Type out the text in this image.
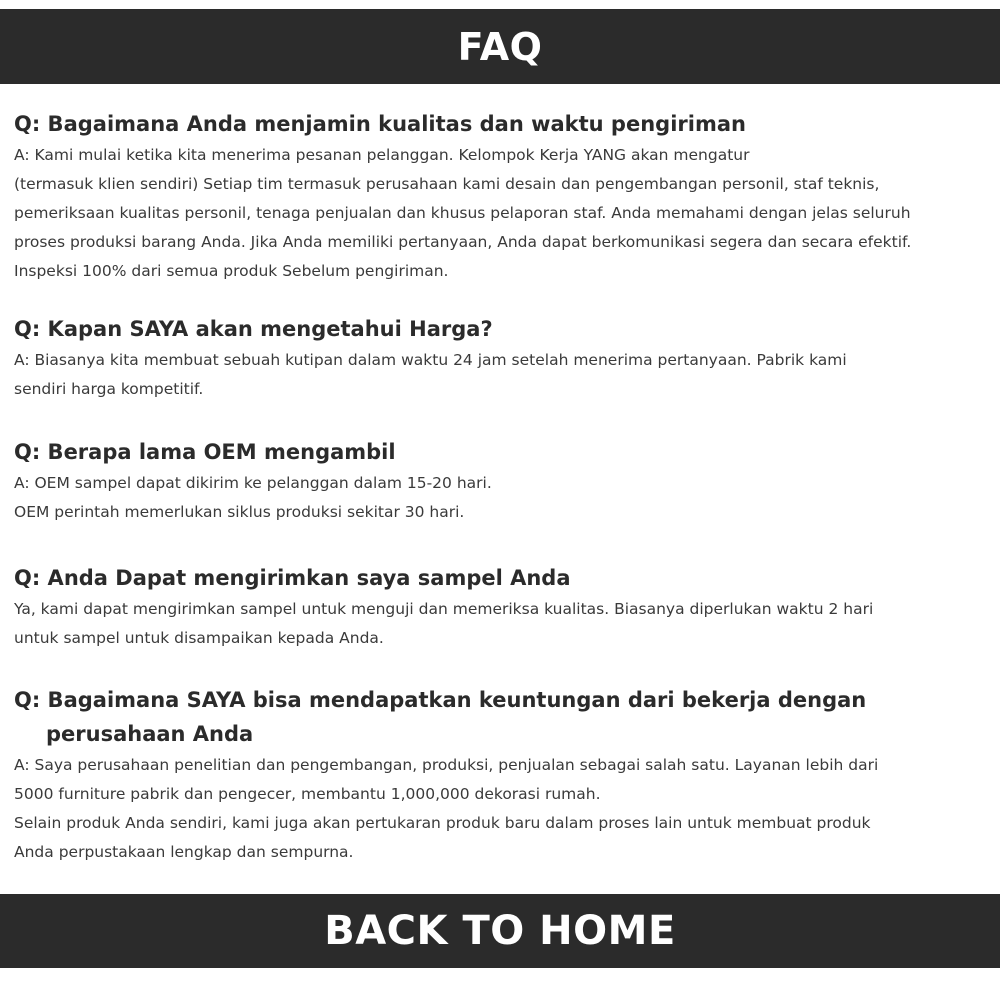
FAQ
Q: Bagaimana Anda menjamin kualitas dan waktu pengiriman

A: Kami mulai ketika kita menerima pesanan pelanggan. Kelompok Kerja YANG akan mengatur
(termasuk klien sendiri) Setiap tim termasuk perusahaan kami desain dan pengembangan personil, staf teknis,
pemeriksaan kualitas personil, tenaga penjualan dan khusus pelaporan staf. Anda memahami dengan jelas seluruh
proses produksi barang Anda. Jika Anda memiliki pertanyaan, Anda dapat berkomunikasi segera dan secara efektif.
Inspeksi 100% dari semua produk Sebelum pengiriman.

Q: Kapan SAYA akan mengetahui Harga?

A: Biasanya kita membuat sebuah kutipan dalam waktu 24 jam setelah menerima pertanyaan. Pabrik kami
sendiri harga kompetitif.

Q: Berapa lama OEM mengambil

A: OEM sampel dapat dikirim ke pelanggan dalam 15-20 hari.
OEM perintah memerlukan siklus produksi sekitar 30 hari.

Q: Anda Dapat mengirimkan saya sampel Anda

Ya, kami dapat mengirimkan sampel untuk menguji dan memeriksa kualitas. Biasanya diperlukan waktu 2 hari
untuk sampel untuk disampaikan kepada Anda.

Q: Bagaimana SAYA bisa mendapatkan keuntungan dari bekerja dengan perusahaan Anda

A: Saya perusahaan penelitian dan pengembangan, produksi, penjualan sebagai salah satu. Layanan lebih dari
5000 furniture pabrik dan pengecer, membantu 1,000,000 dekorasi rumah.
Selain produk Anda sendiri, kami juga akan pertukaran produk baru dalam proses lain untuk membuat produk
Anda perpustakaan lengkap dan sempurna.

BACK TO HOME
